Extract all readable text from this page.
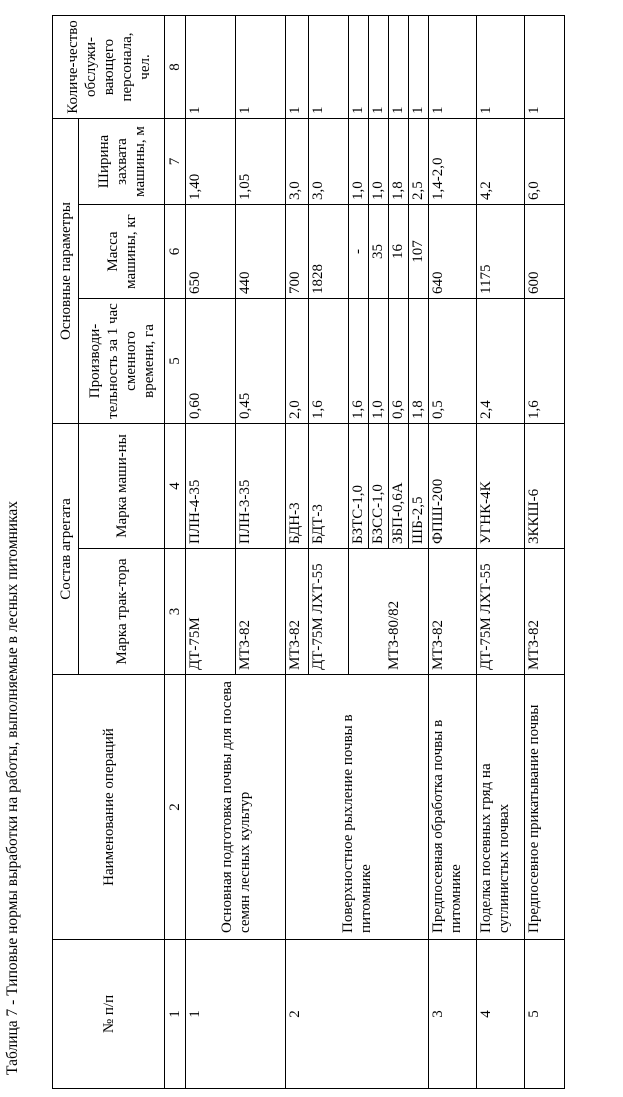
Таблица 7 - Типовые нормы выработки на работы, выполняемые в лесных питомниках	№ п/п	Наименование операций	Состав агрегата		Основные параметры			Количе-чество обслужи-вающего персонала, чел.
		Марка трак-тора	Марка маши-ны	Производи-тельность за 1 час сменного времени, га	Масса машины, кг	Ширина захвата машины, м	
1	2	3	4	5	6	7	8
1	Основная подготовка почвы для посева семян лесных культур	ДТ-75М	ПЛН-4-35	0,60	650	1,40	1
		МТЗ-82	ПЛН-3-35	0,45	440	1,05	1
2	Поверхностное рыхление почвы в питомнике	МТЗ-82	БДН-3	2,0	700	3,0	1
		ДТ-75М ЛХТ-55	БДТ-3	1,6	1828	3,0	1
		МТЗ-80/82	БЗТС-1,0	1,6	-	1,0	1
			БЗСС-1,0	1,0	35	1,0	1
			ЗБП-0,6А	0,6	16	1,8	1
			ШБ-2,5	1,8	107	2,5	1
3	Предпосевная обработка почвы в питомнике	МТЗ-82	ФПШ-200	0,5	640	1,4-2,0	1
4	Поделка посевных гряд на суглинистых почвах	ДТ-75М ЛХТ-55	УГНК-4К	2,4	1175	4,2	1
5	Предпосевное прикатывание почвы	МТЗ-82	3ККШ-6	1,6	600	6,0	1
